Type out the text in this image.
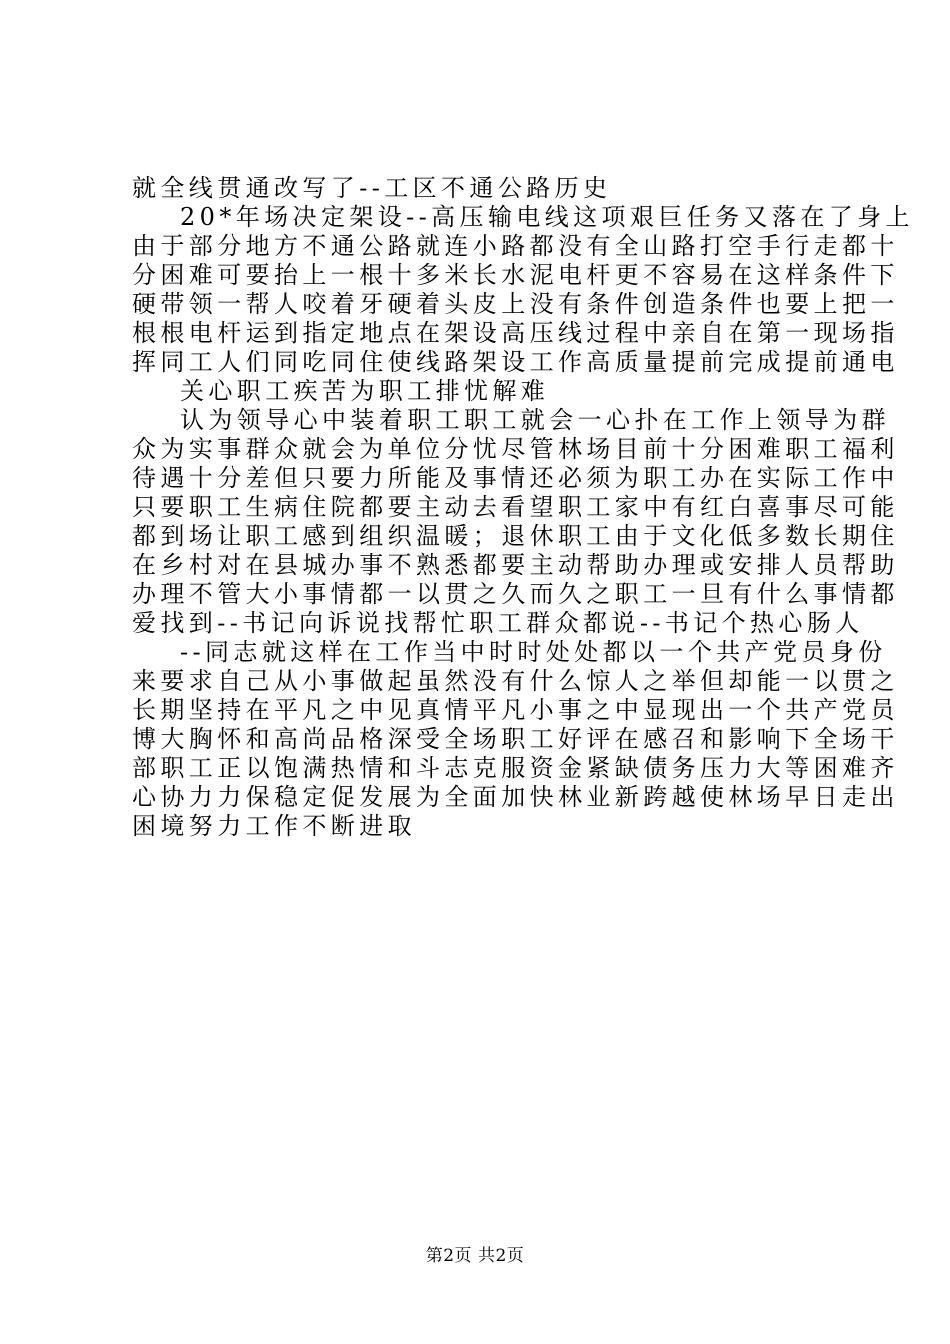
就全线贯通改写了--工区不通公路历史
20*年场决定架设--高压输电线这项艰巨任务又落在了身上
由于部分地方不通公路就连小路都没有全山路打空手行走都十
分困难可要抬上一根十多米长水泥电杆更不容易在这样条件下
硬带领一帮人咬着牙硬着头皮上没有条件创造条件也要上把一
根根电杆运到指定地点在架设高压线过程中亲自在第一现场指
挥同工人们同吃同住使线路架设工作高质量提前完成提前通电
关心职工疾苦为职工排忧解难
认为领导心中装着职工职工就会一心扑在工作上领导为群
众为实事群众就会为单位分忧尽管林场目前十分困难职工福利
待遇十分差但只要力所能及事情还必须为职工办在实际工作中
只要职工生病住院都要主动去看望职工家中有红白喜事尽可能
都到场让职工感到组织温暖；退休职工由于文化低多数长期住
在乡村对在县城办事不熟悉都要主动帮助办理或安排人员帮助
办理不管大小事情都一以贯之久而久之职工一旦有什么事情都
爱找到--书记向诉说找帮忙职工群众都说--书记个热心肠人
--同志就这样在工作当中时时处处都以一个共产党员身份
来要求自己从小事做起虽然没有什么惊人之举但却能一以贯之
长期坚持在平凡之中见真情平凡小事之中显现出一个共产党员
博大胸怀和高尚品格深受全场职工好评在感召和影响下全场干
部职工正以饱满热情和斗志克服资金紧缺债务压力大等困难齐
心协力力保稳定促发展为全面加快林业新跨越使林场早日走出
困境努力工作不断进取
第2页 共2页
